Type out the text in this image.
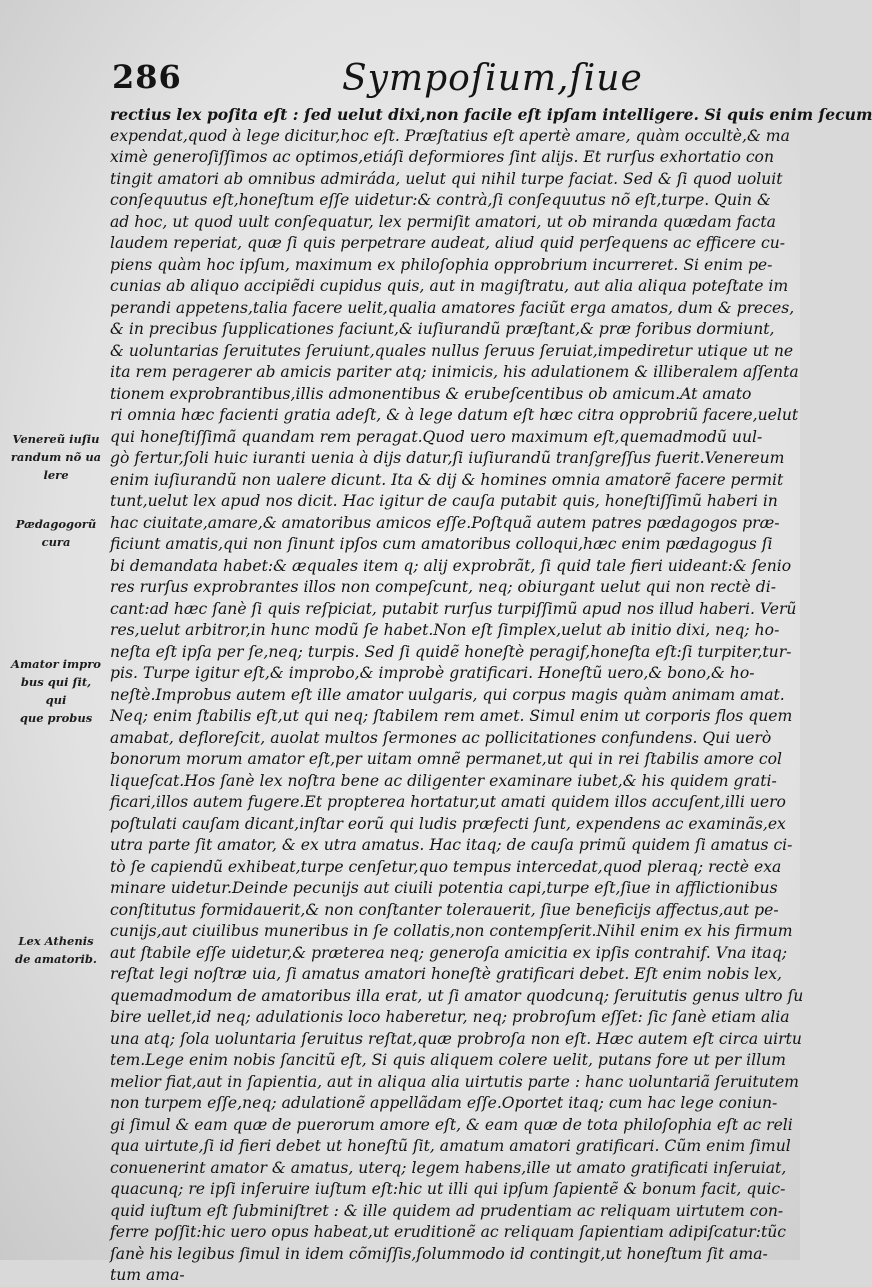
286	Sympoſium,ſiue
Venereũ iuſiu
randum nõ ua
lere
Pædagogorũ
cura
Amator impro
bus qui ſit, qui
que probus
Lex Athenis
de amatorib.
rectius lex poſita eſt : ſed uelut dixi,non facile eſt ipſam intelligere. Si quis enim ſecum
expendat,quod à lege dicitur,hoc eſt. Præſtatius eſt apertè amare, quàm occultè,& ma
ximè generoſiſſimos ac optimos,etiáſi deformiores ſint alijs. Et rurſus exhortatio con
tingit amatori ab omnibus admiráda, uelut qui nihil turpe faciat. Sed & ſi quod uoluit
conſequutus eſt,honeſtum eſſe uidetur:& contrà,ſi conſequutus nõ eſt,turpe. Quin &
ad hoc, ut quod uult conſequatur, lex permiſit amatori, ut ob miranda quædam facta
laudem reperiat, quæ ſi quis perpetrare audeat, aliud quid perſequens ac efficere cu-
piens quàm hoc ipſum, maximum ex philoſophia opprobrium incurreret. Si enim pe-
cunias ab aliquo accipiẽdi cupidus quis, aut in magiſtratu, aut alia aliqua poteſtate im
perandi appetens,talia facere uelit,qualia amatores faciũt erga amatos, dum & preces,
& in precibus ſupplicationes faciunt,& iuſiurandũ præſtant,& præ foribus dormiunt,
& uoluntarias ſeruitutes ſeruiunt,quales nullus ſeruus ſeruiat,impediretur utique ut ne
ita rem peragerer ab amicis pariter atq; inimicis, his adulationem & illiberalem aſſenta
tionem exprobrantibus,illis admonentibus & erubeſcentibus ob amicum.At amato
ri omnia hæc facienti gratia adeſt, & à lege datum eſt hæc citra opprobriũ facere,uelut
qui honeſtiſſimã quandam rem peragat.Quod uero maximum eſt,quemadmodũ uul-
gò fertur,ſoli huic iuranti uenia à dijs datur,ſi iuſiurandũ tranſgreſſus fuerit.Venereum
enim iuſiurandũ non ualere dicunt. Ita & dij & homines omnia amatorẽ facere permit
tunt,uelut lex apud nos dicit. Hac igitur de cauſa putabit quis, honeſtiſſimũ haberi in
hac ciuitate,amare,& amatoribus amicos eſſe.Poſtquã autem patres pædagogos præ-
ficiunt amatis,qui non ſinunt ipſos cum amatoribus colloqui,hæc enim pædagogus ſi
bi demandata habet:& æquales item q; alij exprobrãt, ſi quid tale fieri uideant:& ſenio
res rurſus exprobrantes illos non compeſcunt, neq; obiurgant uelut qui non rectè di-
cant:ad hæc ſanè ſi quis reſpiciat, putabit rurſus turpiſſimũ apud nos illud haberi. Verũ
res,uelut arbitror,in hunc modũ ſe habet.Non eſt ſimplex,uelut ab initio dixi, neq; ho-
neſta eſt ipſa per ſe,neq; turpis. Sed ſi quidẽ honeſtè peragif,honeſta eſt:ſi turpiter,tur-
pis. Turpe igitur eſt,& improbo,& improbè gratificari. Honeſtũ uero,& bono,& ho-
neſtè.Improbus autem eſt ille amator uulgaris, qui corpus magis quàm animam amat.
Neq; enim ſtabilis eſt,ut qui neq; ſtabilem rem amet. Simul enim ut corporis flos quem
amabat, defloreſcit, auolat multos ſermones ac pollicitationes confundens. Qui uerò
bonorum morum amator eſt,per uitam omnẽ permanet,ut qui in rei ſtabilis amore col
liqueſcat.Hos ſanè lex noſtra bene ac diligenter examinare iubet,& his quidem grati-
ficari,illos autem fugere.Et propterea hortatur,ut amati quidem illos accuſent,illi uero
poſtulati cauſam dicant,inſtar eorũ qui ludis præfecti ſunt, expendens ac examinãs,ex
utra parte ſit amator, & ex utra amatus. Hac itaq; de cauſa primũ quidem ſi amatus ci-
tò ſe capiendũ exhibeat,turpe cenſetur,quo tempus intercedat,quod pleraq; rectè exa
minare uidetur.Deinde pecunijs aut ciuili potentia capi,turpe eſt,ſiue in afflictionibus
conſtitutus formidauerit,& non conſtanter tolerauerit, ſiue beneficijs affectus,aut pe-
cunijs,aut ciuilibus muneribus in ſe collatis,non contempſerit.Nihil enim ex his firmum
aut ſtabile eſſe uidetur,& præterea neq; generoſa amicitia ex ipſis contrahif. Vna itaq;
reſtat legi noſtræ uia, ſi amatus amatori honeſtè gratificari debet. Eſt enim nobis lex,
quemadmodum de amatoribus illa erat, ut ſi amator quodcunq; ſeruitutis genus ultro ſu
bire uellet,id neq; adulationis loco haberetur, neq; probroſum eſſet: ſic ſanè etiam alia
una atq; ſola uoluntaria ſeruitus reſtat,quæ probroſa non eſt. Hæc autem eſt circa uirtu
tem.Lege enim nobis ſancitũ eſt, Si quis aliquem colere uelit, putans fore ut per illum
melior fiat,aut in ſapientia, aut in aliqua alia uirtutis parte : hanc uoluntariã ſeruitutem
non turpem eſſe,neq; adulationẽ appellãdam eſſe.Oportet itaq; cum hac lege coniun-
gi ſimul & eam quæ de puerorum amore eſt, & eam quæ de tota philoſophia eſt ac reli
qua uirtute,ſi id fieri debet ut honeſtũ ſit, amatum amatori gratificari. Cũm enim ſimul
conuenerint amator & amatus, uterq; legem habens,ille ut amato gratificati inſeruiat,
quacunq; re ipſi inſeruire iuſtum eſt:hic ut illi qui ipſum ſapientẽ & bonum facit, quic-
quid iuſtum eſt ſubminiſtret : & ille quidem ad prudentiam ac reliquam uirtutem con-
ferre poſſit:hic uero opus habeat,ut eruditionẽ ac reliquam ſapientiam adipiſcatur:tũc
ſanè his legibus ſimul in idem cõmiſſis,ſolummodo id contingit,ut honeſtum ſit ama-
tum ama-
